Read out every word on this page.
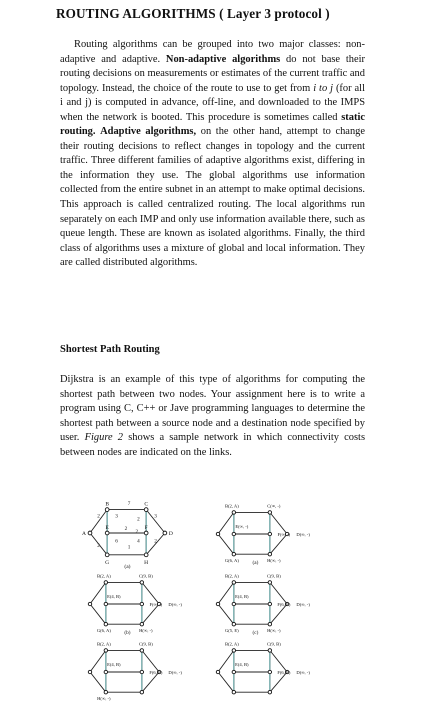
ROUTING ALGORITHMS ( Layer 3 protocol )

Routing algorithms can be grouped into two major classes: non-adaptive and adaptive. Non-adaptive algorithms do not base their routing decisions on measurements or estimates of the current traffic and topology. Instead, the choice of the route to use to get from i to j (for all i and j) is computed in advance, off-line, and downloaded to the IMPS when the network is booted. This procedure is sometimes called static routing. Adaptive algorithms, on the other hand, attempt to change their routing decisions to reflect changes in topology and the current traffic. Three different families of adaptive algorithms exist, differing in the information they use. The global algorithms use information collected from the entire subnet in an attempt to make optimal decisions. This approach is called centralized routing. The local algorithms run separately on each IMP and only use information available there, such as queue length. These are known as isolated algorithms. Finally, the third class of algorithms uses a mixture of global and local information. They are called distributed algorithms.

Shortest Path Routing

Dijkstra is an example of this type of algorithms for computing the shortest path between two nodes. Your assignment here is to write a program using C, C++ or Jave programming languages to determine the shortest path between a source node and a destination node specified by user. Figure 2 shows a sample network in which connectivity costs between nodes are indicated on the links.

A
B	C
D
E	F
G	H
2
7
3
2
2
2
3
6	4	2
1
2
(a)
B(2, A)	C(∞, -)
E(∞, -)
F(∞, -) D(∞, -)
G(6, A)	H(∞, -)
(a)
B(2, A)	C(9, B)
E(4, B)
F(∞, -) D(∞, -)
G(6, A)	H(∞, -)
(b)
B(2, A)	C(9, B)
E(4, B)
F(6, E) D(∞, -)
G(5, E)	H(∞, -)
(c)
B(2, A)	C(9, B)
E(4, B)
F(6, E) D(∞, -)
H(∞, -)
B(2, A)	C(9, B)
E(4, B)
F(6, E) D(∞, -)
